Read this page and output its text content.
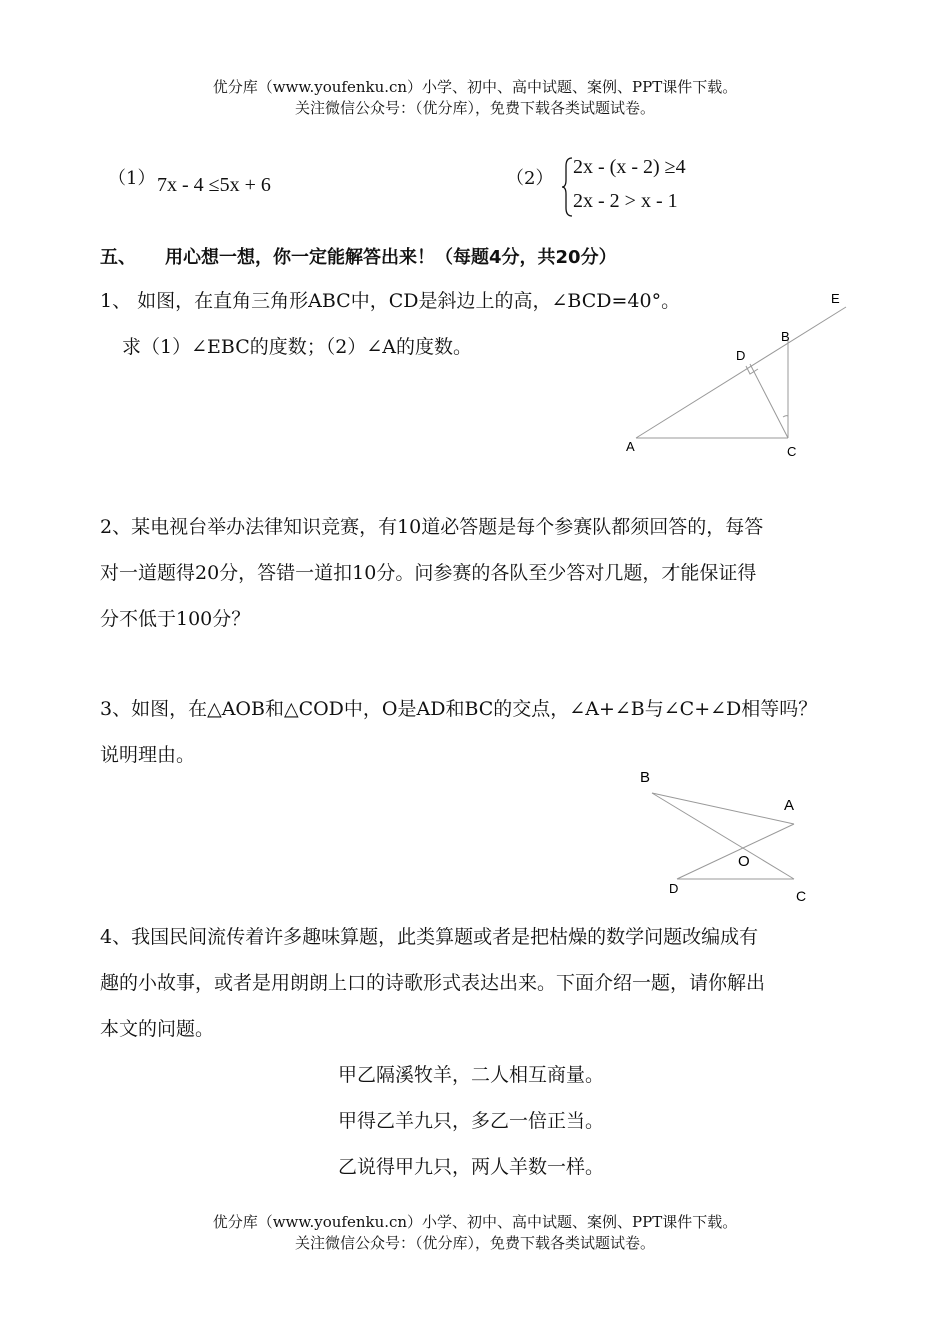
优分库（www.youfenku.cn）小学、初中、高中试题、案例、PPT课件下载。
关注微信公众号：（优分库），免费下载各类试题试卷。
（1） 7x - 4 ≤5x + 6	（2）
2x - (x - 2) ≥4
2x - 2 > x - 1
五、 用心想一想，你一定能解答出来！（每题4分，共20分）
1、 如图，在直角三角形ABC中，CD是斜边上的高，∠BCD=40°。
求（1）∠EBC的度数；（2）∠A的度数。
E
B
D
A	C
2、某电视台举办法律知识竞赛，有10道必答题是每个参赛队都须回答的，每答
对一道题得20分，答错一道扣10分。问参赛的各队至少答对几题，才能保证得
分不低于100分？
3、如图，在△AOB和△COD中，O是AD和BC的交点，∠A+∠B与∠C+∠D相等吗？
说明理由。
B
A
O
D	C
4、我国民间流传着许多趣味算题，此类算题或者是把枯燥的数学问题改编成有
趣的小故事，或者是用朗朗上口的诗歌形式表达出来。下面介绍一题，请你解出
本文的问题。
甲乙隔溪牧羊，二人相互商量。
甲得乙羊九只，多乙一倍正当。
乙说得甲九只，两人羊数一样。
优分库（www.youfenku.cn）小学、初中、高中试题、案例、PPT课件下载。
关注微信公众号：（优分库），免费下载各类试题试卷。
